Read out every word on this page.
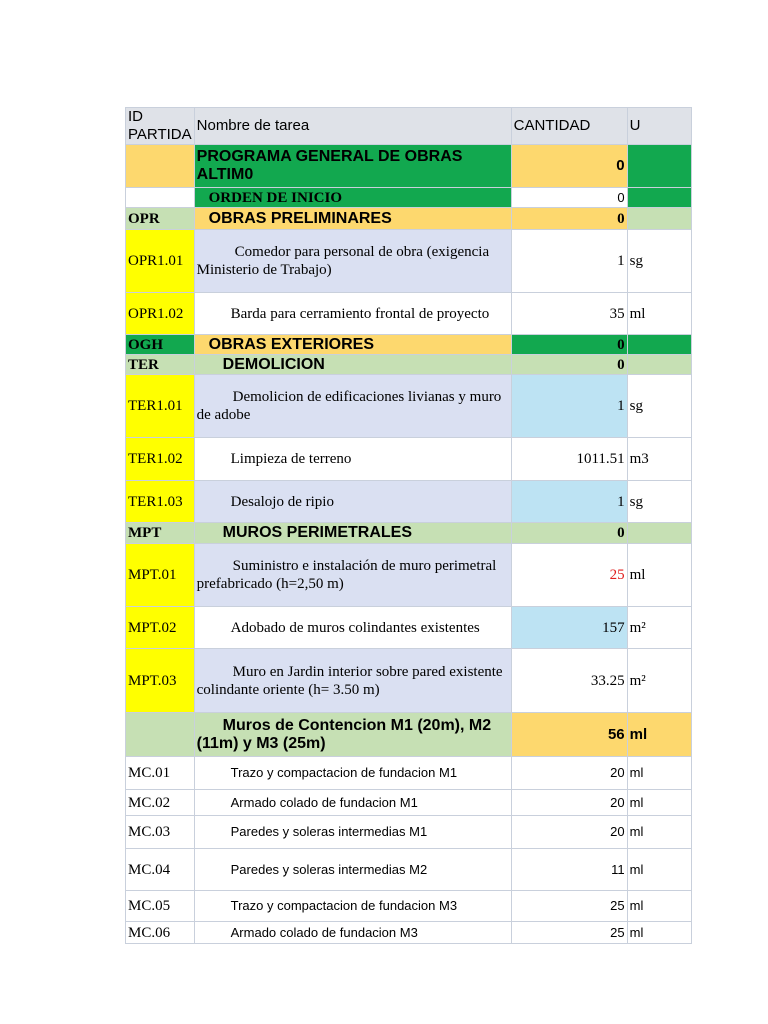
ID
PARTIDA	Nombre de tarea	CANTIDAD	U
	PROGRAMA GENERAL DE OBRAS ALTIM0	0	
	ORDEN DE INICIO	0	
OPR	OBRAS PRELIMINARES	0	
OPR1.01	Comedor para personal de obra (exigencia Ministerio de Trabajo)	1	sg
OPR1.02	Barda para cerramiento frontal de proyecto	35	ml
OGH	OBRAS EXTERIORES	0	
TER	DEMOLICION	0	
TER1.01	Demolicion de edificaciones livianas y muro de adobe	1	sg
TER1.02	Limpieza de terreno	1011.51	m3
TER1.03	Desalojo de ripio	1	sg
MPT	MUROS PERIMETRALES	0	
MPT.01	Suministro e instalación de muro perimetral prefabricado (h=2,50 m)	25	ml
MPT.02	Adobado de muros colindantes existentes	157	m²
MPT.03	Muro en Jardin interior sobre pared existente colindante oriente (h= 3.50 m)	33.25	m²
	Muros de Contencion M1 (20m), M2 (11m) y M3 (25m)	56	ml
MC.01	Trazo y compactacion de fundacion M1	20	ml
MC.02	Armado colado de fundacion M1	20	ml
MC.03	Paredes y soleras intermedias M1	20	ml
MC.04	Paredes y soleras intermedias M2	11	ml
MC.05	Trazo y compactacion de fundacion M3	25	ml
MC.06	Armado colado de fundacion M3	25	ml
